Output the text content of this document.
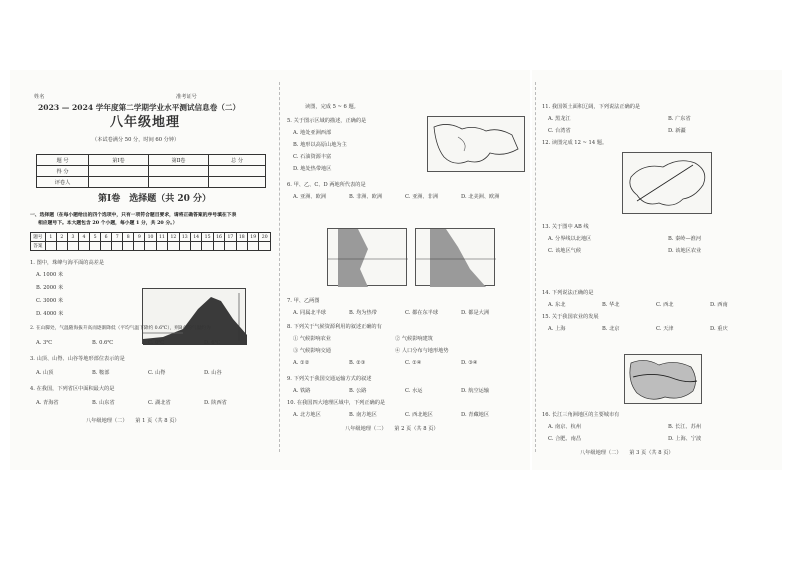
姓名	准考证号
2023 — 2024 学年度第二学期学业水平测试信息卷（二）
八年级地理
（本试卷满分 50 分，时间 60 分钟）
题 号	第Ⅰ卷	第Ⅱ卷	总 分
得 分			
评卷人			
第Ⅰ卷　选择题（共 20 分）
一、选择题（在每小题给出的四个选项中，只有一项符合题目要求，请将正确答案的序号填在下表
相应题号下。本大题包含 20 个小题，每小题 1 分，共 20 分。）
题号	1	2	3	4	5	6	7	8	9	10	11	12	13	14	15	16	17	18	19	20
答案																				
1. 图中，珠峰与海平面的高差是
A. 1000 米
B. 2000 米
C. 3000 米
D. 4000 米
2. 在山脚处，气温随海拔升高而逐渐降低（平均气温下降约 0.6℃），则B点的气温约为
A. 3℃	B. 0.6℃	C. 0℃	D. 6℃
3. 山顶、山脊、山谷等地形部位表示的是
A. 山顶	B. 鞍部	C. 山脊	D. 山谷
4. 在我国，下列省区中面积最大的是
A. 青海省	B. 山东省	C. 湖北省	D. 陕西省
八年级地理（二）　　第 1 页（共 8 页）
读图，完成 5 ~ 6 题。
5. 关于图示区域的描述，正确的是
A. 地处亚洲西部
B. 地形以高原山地为主
C. 石油资源丰富
D. 地处热带地区
6. 甲、乙、C、D 两地所代表的是
A. 亚洲、欧洲	B. 非洲、欧洲	C. 亚洲、非洲	D. 北美洲、欧洲
7. 甲、乙两图
A. 同属北半球	B. 均为热带	C. 都在东半球	D. 都是大洲
8. 下列关于气候资源利用的叙述正确的有
① 气候影响农业	② 气候影响建筑
③ 气候影响交通	④ 人口分布与地形地势
A. ①②	B. ②③	C. ①④	D. ③④
9. 下列关于我国交通运输方式的叙述
A. 铁路	B. 公路	C. 水运	D. 航空运输
10. 在我国四大地理区域中，下列正确的是
A. 北方地区	B. 南方地区	C. 西北地区	D. 青藏地区
八年级地理（二）　　第 2 页（共 8 页）
11. 我国领土面积辽阔，下列说法正确的是
A. 黑龙江	B. 广东省
C. 台湾省	D. 新疆
12. 读图完成 12 ~ 14 题。
13. 关于图中 AB 线
A. 分界线以北地区	B. 秦岭—淮河
C. 该地区气候	D. 该地区农业
14. 下列说法正确的是
A. 东北	B. 华北	C. 西北	D. 西南
15. 关于我国农业的发展
A. 上海	B. 北京	C. 天津	D. 重庆
16. 长江三角洲地区的主要城市有
A. 南京、杭州	B. 长江、苏州
C. 合肥、南昌	D. 上海、宁波
八年级地理（二）　　第 3 页（共 8 页）
